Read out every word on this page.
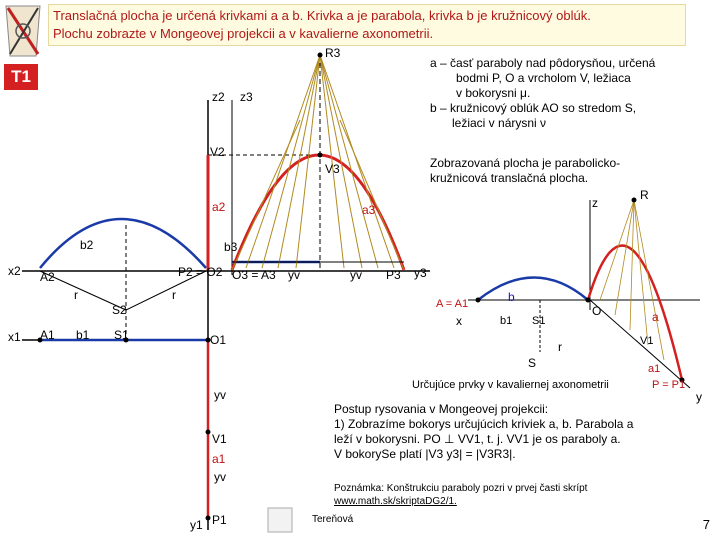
Translačná plocha je určená krivkami a a b. Krivka a je parabola, krivka b je kružnicový oblúk.
Plochu zobrazte v Mongeovej projekcii a v kavalierne axonometrii.
T1
R3
z2 z3
V2
V3
a2	a3
b2	b3
x2 A2	P2 = O2 O3 = A3 yv	yv P3 y3
r	r
S2
x1 A1 b1 S1	O1
yv
V1
a1
yv
y1 P1
z
R
A = A1
x
b
b1 S1
O	a
r	V1
S	a1
P = P1
y
a – časť paraboly nad pôdorysňou, určená
bodmi P, O a vrcholom V, ležiaca
v bokorysni μ.
b – kružnicový oblúk AO so stredom S,
ležiaci v nárysni ν
Zobrazovaná plocha je parabolicko-
kružnicová translačná plocha.
Určujúce prvky v kavaliernej axonometrii
Postup rysovania v Mongeovej projekcii:
1) Zobrazíme bokorys určujúcich kriviek a, b. Parabola a
leží v bokorysni. PO ⊥ VV1, t. j. VV1 je os paraboly a.
V bokorySe platí |V3 y3| = |V3R3|.
Poznámka: Konštrukciu paraboly pozri v prvej časti skrípt
www.math.sk/skriptaDG2/1.
Tereňová	7
